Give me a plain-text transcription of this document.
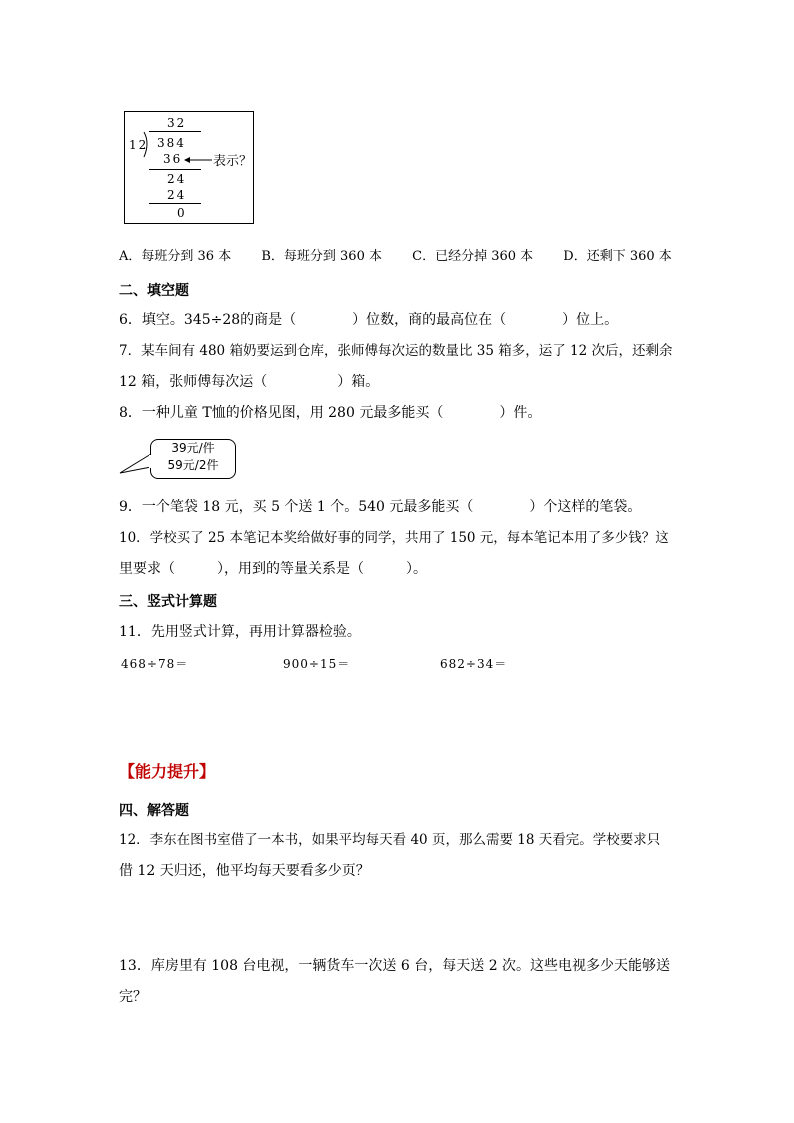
32
12 384
36 表示？
24
24
0
A．每班分到 36 本 B．每班分到 360 本 C．已经分掉 360 本 D．还剩下 360 本
二、填空题
6．填空。345÷28的商是（　　　　）位数，商的最高位在（　　　　）位上。
7．某车间有 480 箱奶要运到仓库，张师傅每次运的数量比 35 箱多，运了 12 次后，还剩余
12 箱，张师傅每次运（　　　　　）箱。
8．一种儿童 T恤的价格见图，用 280 元最多能买（　　　　）件。
39元/件
59元/2件
9．一个笔袋 18 元，买 5 个送 1 个。540 元最多能买（　　　　）个这样的笔袋。
10．学校买了 25 本笔记本奖给做好事的同学，共用了 150 元，每本笔记本用了多少钱？这
里要求（　　　），用到的等量关系是（　　　）。
三、竖式计算题
11．先用竖式计算，再用计算器检验。
468÷78＝	900÷15＝	682÷34＝
【能力提升】
四、解答题
12．李东在图书室借了一本书，如果平均每天看 40 页，那么需要 18 天看完。学校要求只
借 12 天归还，他平均每天要看多少页？
13．库房里有 108 台电视，一辆货车一次送 6 台，每天送 2 次。这些电视多少天能够送
完？
